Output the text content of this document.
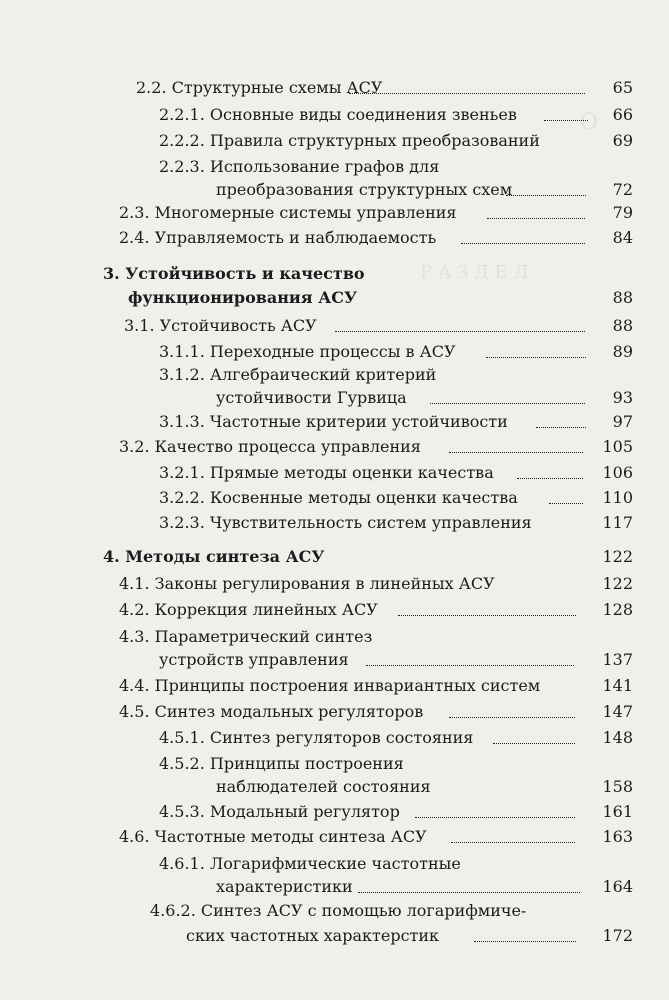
О
Р А З Д Е Л
2.2. Структурные схемы АСУ	65
2.2.1. Основные виды соединения звеньев	66
2.2.2. Правила структурных преобразований	69
2.2.3. Использование графов для
преобразования структурных схем	72
2.3. Многомерные системы управления	79
2.4. Управляемость и наблюдаемость	84
3. Устойчивость и качество
функционирования АСУ	88
3.1. Устойчивость АСУ	88
3.1.1. Переходные процессы в АСУ	89
3.1.2. Алгебраический критерий
устойчивости Гурвица	93
3.1.3. Частотные критерии устойчивости	97
3.2. Качество процесса управления	105
3.2.1. Прямые методы оценки качества	106
3.2.2. Косвенные методы оценки качества	110
3.2.3. Чувствительность систем управления	117
4. Методы синтеза АСУ	122
4.1. Законы регулирования в линейных АСУ	122
4.2. Коррекция линейных АСУ	128
4.3. Параметрический синтез
устройств управления	137
4.4. Принципы построения инвариантных систем	141
4.5. Синтез модальных регуляторов	147
4.5.1. Синтез регуляторов состояния	148
4.5.2. Принципы построения
наблюдателей состояния	158
4.5.3. Модальный регулятор	161
4.6. Частотные методы синтеза АСУ	163
4.6.1. Логарифмические частотные
характеристики	164
4.6.2. Синтез АСУ с помощью логарифмиче-
ских частотных характерстик	172
